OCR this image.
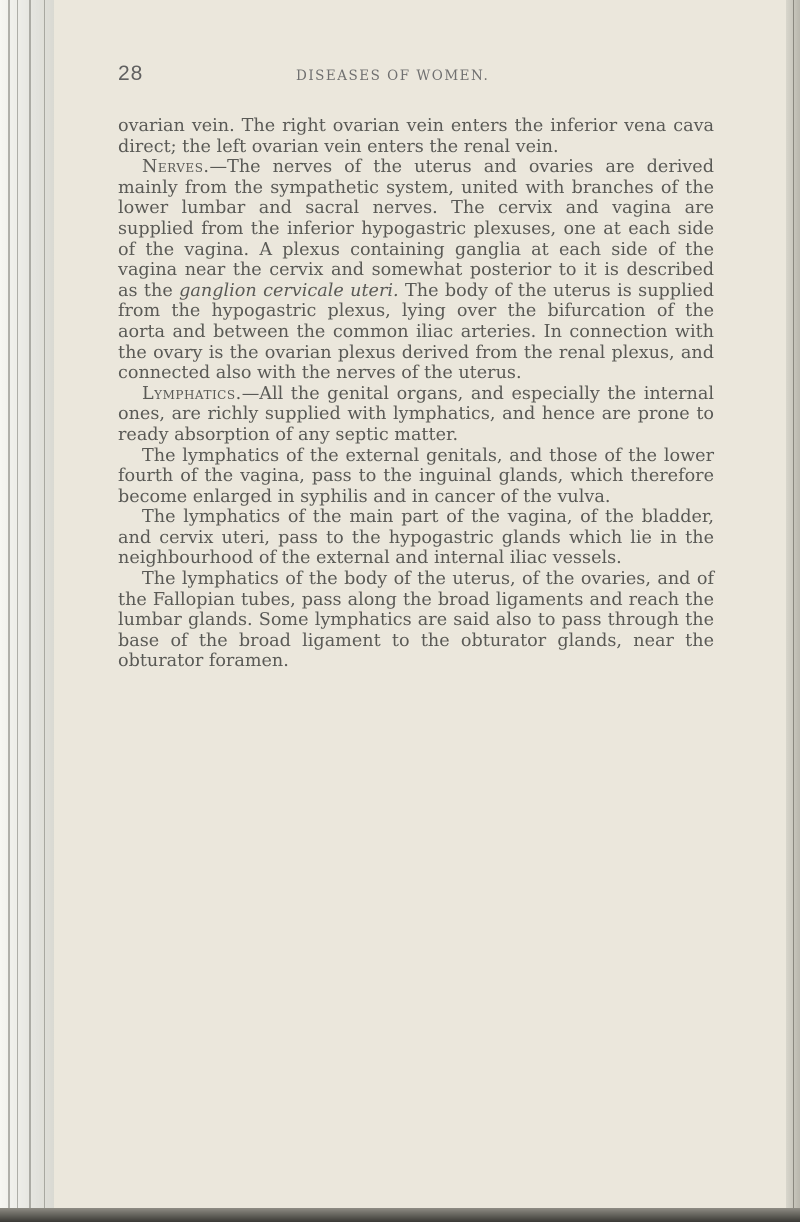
28	DISEASES OF WOMEN.

ovarian vein. The right ovarian vein enters the inferior vena cava direct; the left ovarian vein enters the renal vein.

Nerves.—The nerves of the uterus and ovaries are derived mainly from the sympathetic system, united with branches of the lower lumbar and sacral nerves. The cervix and vagina are supplied from the inferior hypogastric plexuses, one at each side of the vagina. A plexus containing ganglia at each side of the vagina near the cervix and somewhat posterior to it is described as the ganglion cervicale uteri. The body of the uterus is supplied from the hypogastric plexus, lying over the bifurcation of the aorta and between the common iliac arteries. In connection with the ovary is the ovarian plexus derived from the renal plexus, and connected also with the nerves of the uterus.

Lymphatics.—All the genital organs, and especially the internal ones, are richly supplied with lymphatics, and hence are prone to ready absorption of any septic matter.

The lymphatics of the external genitals, and those of the lower fourth of the vagina, pass to the inguinal glands, which therefore become enlarged in syphilis and in cancer of the vulva.

The lymphatics of the main part of the vagina, of the bladder, and cervix uteri, pass to the hypogastric glands which lie in the neighbourhood of the external and internal iliac vessels.

The lymphatics of the body of the uterus, of the ovaries, and of the Fallopian tubes, pass along the broad ligaments and reach the lumbar glands. Some lymphatics are said also to pass through the base of the broad ligament to the obturator glands, near the obturator foramen.
